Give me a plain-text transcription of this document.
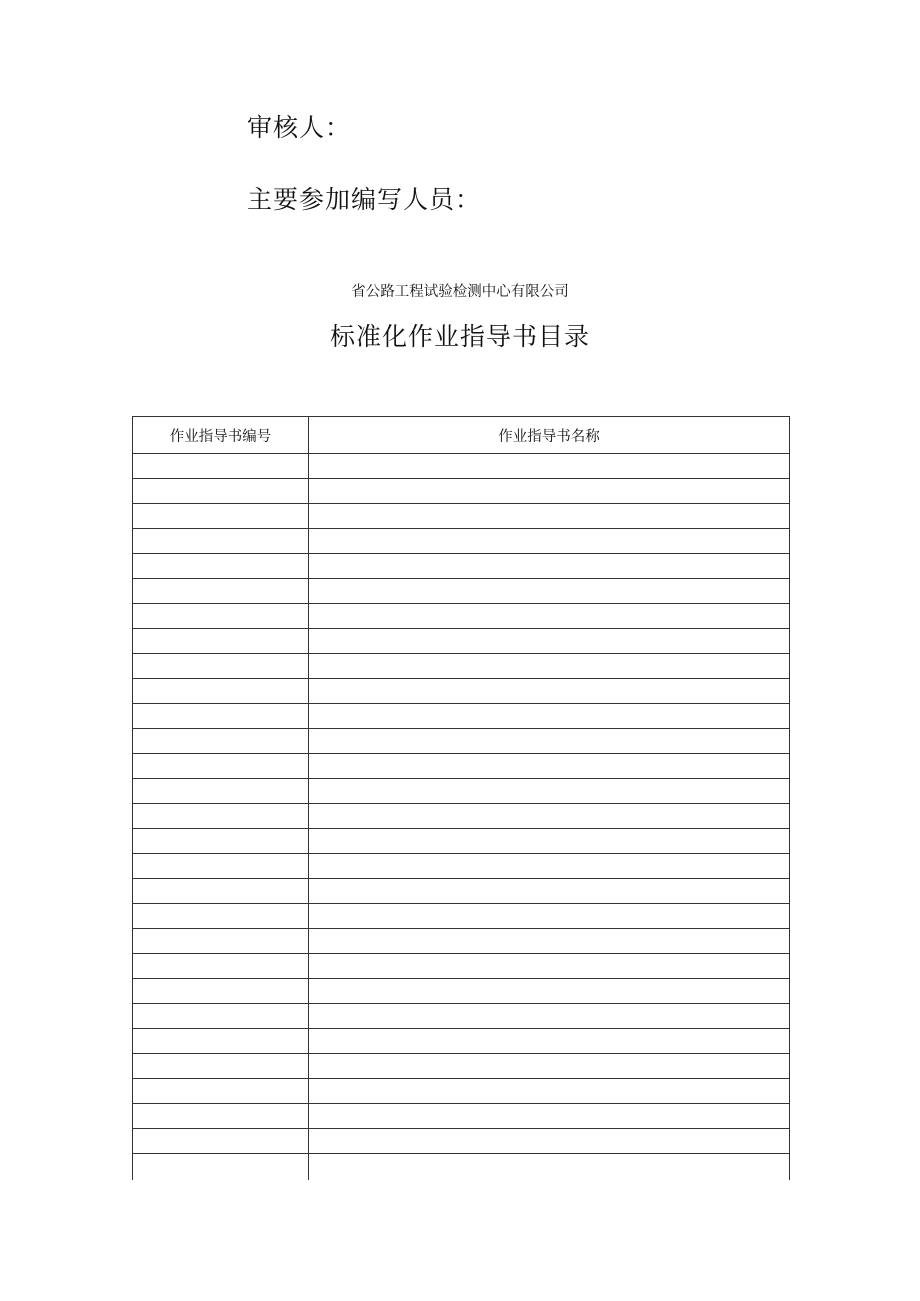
审核人：
主要参加编写人员：
省公路工程试验检测中心有限公司
标准化作业指导书目录
作业指导书编号	作业指导书名称
